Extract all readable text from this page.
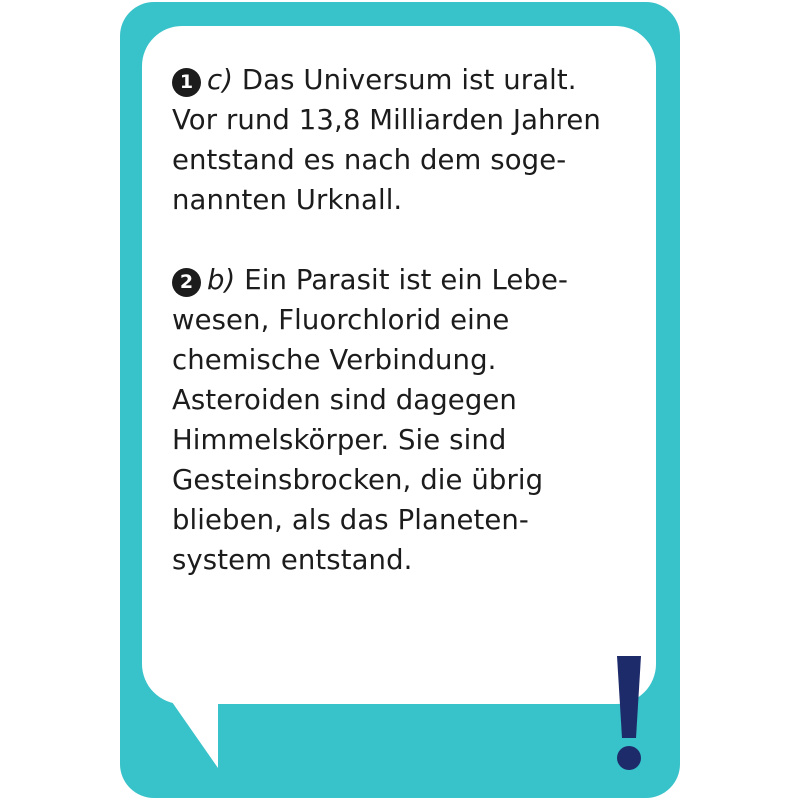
1 c) Das Universum ist uralt.
Vor rund 13,8 Milliarden Jahren
entstand es nach dem soge-
nannten Urknall.

2 b) Ein Parasit ist ein Lebe-
wesen, Fluorchlorid eine
chemische Verbindung.
Asteroiden sind dagegen
Himmelskörper. Sie sind
Gesteinsbrocken, die übrig
blieben, als das Planeten-
system entstand.
